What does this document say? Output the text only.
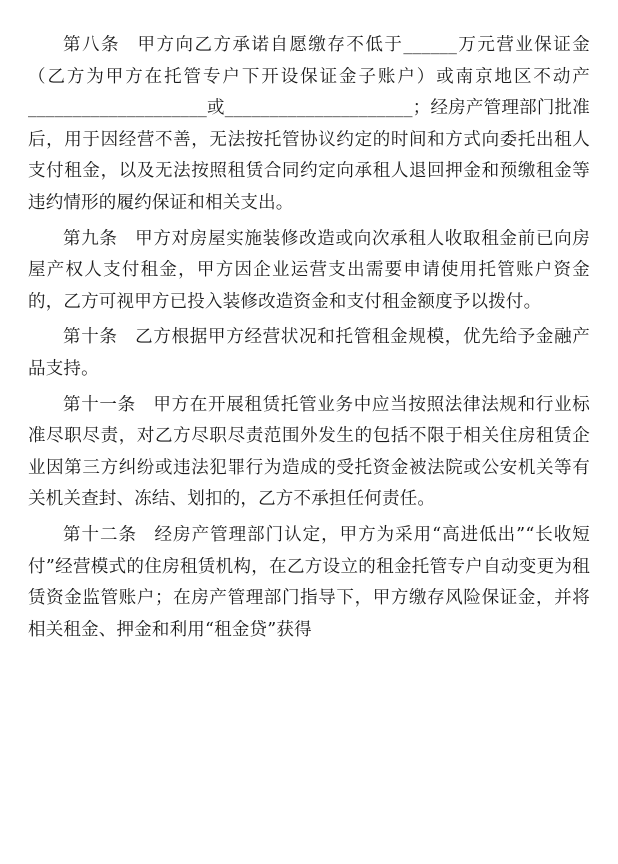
第八条 甲方向乙方承诺自愿缴存不低于______万元营业保证金（乙方为甲方在托管专户下开设保证金子账户）或南京地区不动产____________________或_____________________；经房产管理部门批准后，用于因经营不善，无法按托管协议约定的时间和方式向委托出租人支付租金，以及无法按照租赁合同约定向承租人退回押金和预缴租金等违约情形的履约保证和相关支出。

第九条 甲方对房屋实施装修改造或向次承租人收取租金前已向房屋产权人支付租金，甲方因企业运营支出需要申请使用托管账户资金的，乙方可视甲方已投入装修改造资金和支付租金额度予以拨付。

第十条 乙方根据甲方经营状况和托管租金规模，优先给予金融产品支持。

第十一条 甲方在开展租赁托管业务中应当按照法律法规和行业标准尽职尽责，对乙方尽职尽责范围外发生的包括不限于相关住房租赁企业因第三方纠纷或违法犯罪行为造成的受托资金被法院或公安机关等有关机关查封、冻结、划扣的，乙方不承担任何责任。

第十二条 经房产管理部门认定，甲方为采用“高进低出”“长收短付”经营模式的住房租赁机构，在乙方设立的租金托管专户自动变更为租赁资金监管账户；在房产管理部门指导下，甲方缴存风险保证金，并将相关租金、押金和利用“租金贷”获得
